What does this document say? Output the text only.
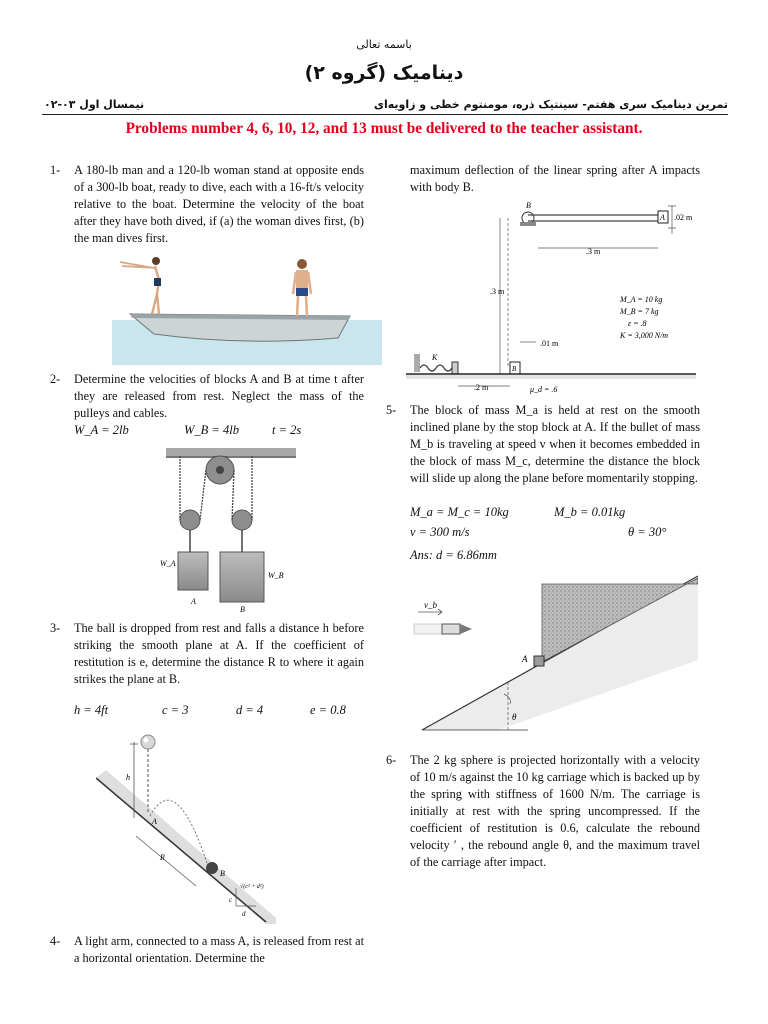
باسمه تعالی
دینامیک (گروه ۲)
تمرین دینامیک سری هفتم- سینتیک ذره، مومنتوم خطی و زاویه‌ای
نیمسال اول ۰۳-۰۲
Problems number 4, 6, 10, 12, and 13 must be delivered to the teacher assistant.
1- A 180-lb man and a 120-lb woman stand at opposite ends of a 300-lb boat, ready to dive, each with a 16-ft/s velocity relative to the boat. Determine the velocity of the boat after they have both dived, if (a) the woman dives first, (b) the man dives first.
2- Determine the velocities of blocks A and B at time t after they are released from rest. Neglect the mass of the pulleys and cables.
W_A = 2lb	W_B = 4lb	t = 2s
W_A
A
W_B
B
3- The ball is dropped from rest and falls a distance h before striking the smooth plane at A. If the coefficient of restitution is e, determine the distance R to where it again strikes the plane at B.
h = 4ft	c = 3	d = 4	e = 0.8
h
A
R
B
√(c² + d²)
c
d
4- A light arm, connected to a mass A, is released from rest at a horizontal orientation. Determine the
maximum deflection of the linear spring after A impacts with body B.
B
A .02 m
.3 m
.3 m
.01 m
K
B
.2 m	μ_d = .6
M_A = 10 kg
M_B = 7 kg
ε = .8
K = 3,000 N/m
5- The block of mass M_a is held at rest on the smooth inclined plane by the stop block at A. If the bullet of mass M_b is traveling at speed v when it becomes embedded in the block of mass M_c, determine the distance the block will slide up along the plane before momentarily stopping.
M_a = M_c = 10kg	M_b = 0.01kg
v = 300 m/s	θ = 30°
Ans: d = 6.86mm
v_b
A
θ
6- The 2 kg sphere is projected horizontally with a velocity of 10 m/s against the 10 kg carriage which is backed up by the spring with stiffness of 1600 N/m. The carriage is initially at rest with the spring uncompressed. If the coefficient of restitution is 0.6, calculate the rebound velocity ′ , the rebound angle θ, and the maximum travel of the carriage after impact.
